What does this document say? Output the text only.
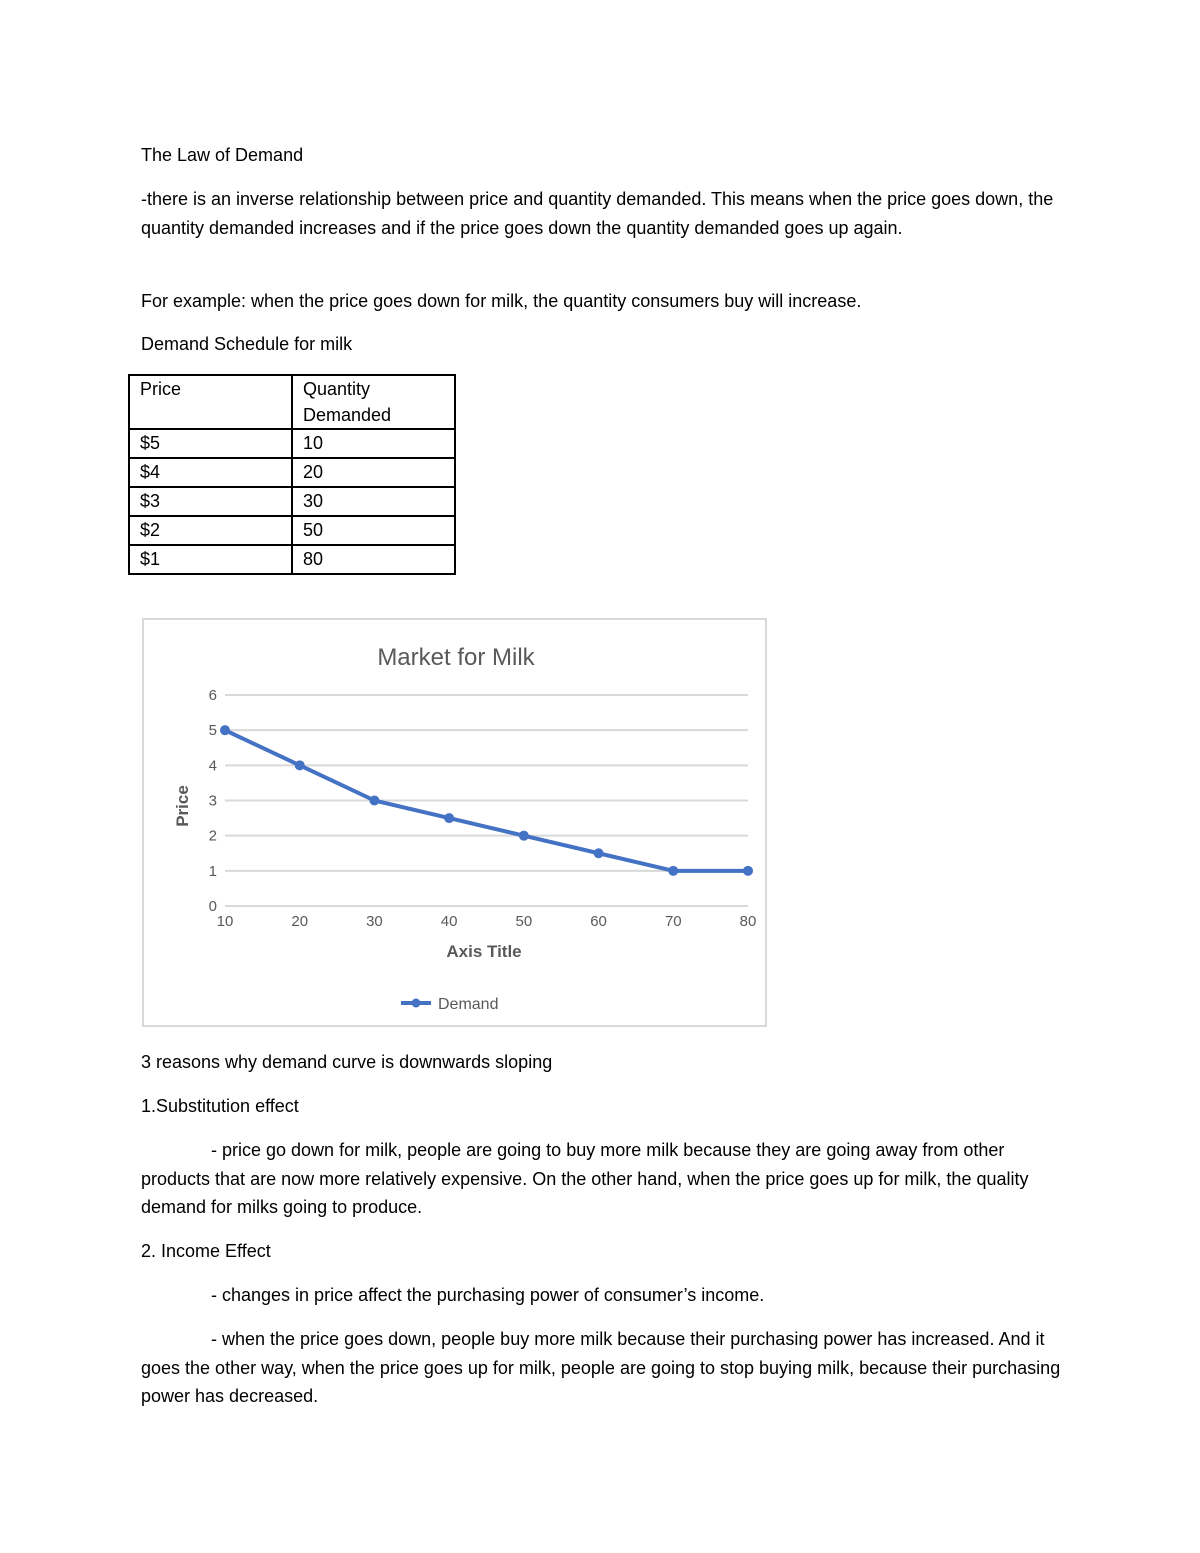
The Law of Demand

-there is an inverse relationship between price and quantity demanded. This means when the price goes down, the quantity demanded increases and if the price goes down the quantity demanded goes up again.

For example: when the price goes down for milk, the quantity consumers buy will increase.

Demand Schedule for milk

Price	Quantity Demanded
$5	10
$4	20
$3	30
$2	50
$1	80
Market for Milk
0
1
2
3
4
5
6
10	20	30	40	50	60	70	80
Price
Axis Title
Demand

3 reasons why demand curve is downwards sloping

1.Substitution effect

- price go down for milk, people are going to buy more milk because they are going away from other products that are now more relatively expensive. On the other hand, when the price goes up for milk, the quality demand for milks going to produce.

2. Income Effect

- changes in price affect the purchasing power of consumer’s income.

- when the price goes down, people buy more milk because their purchasing power has increased. And it goes the other way, when the price goes up for milk, people are going to stop buying milk, because their purchasing power has decreased.
